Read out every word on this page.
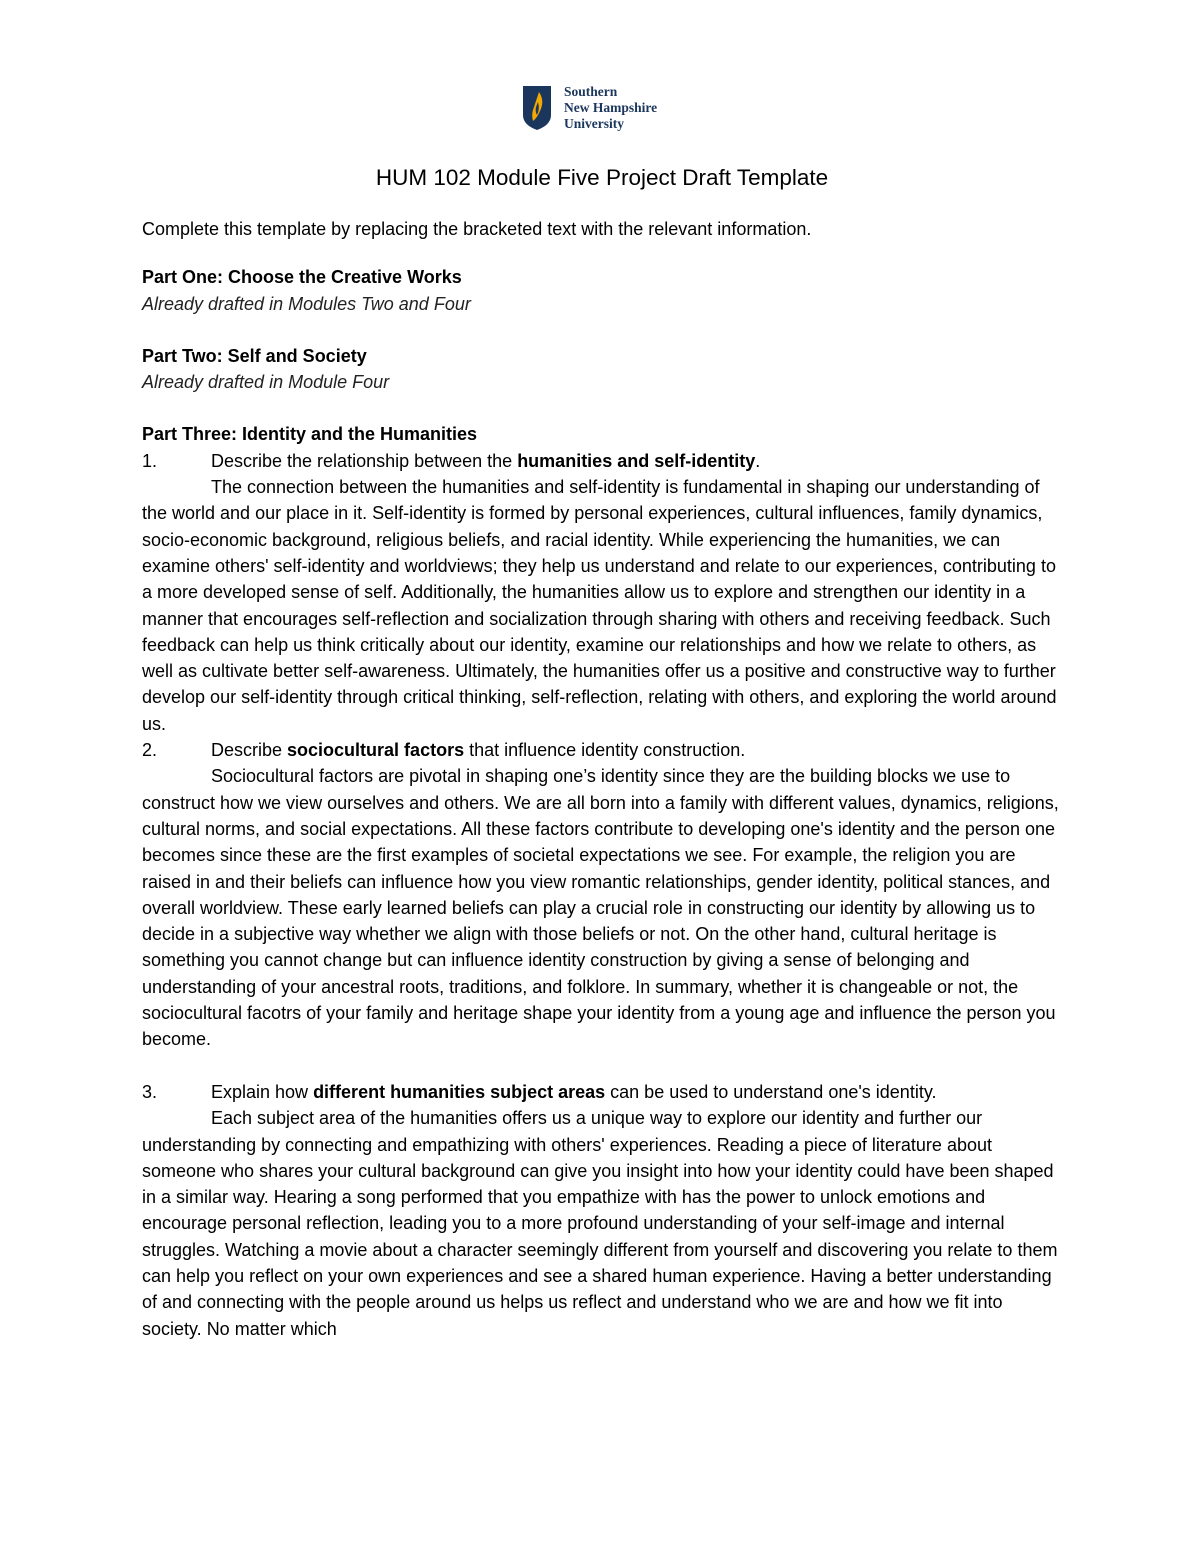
Southern
New Hampshire
University
HUM 102 Module Five Project Draft Template

Complete this template by replacing the bracketed text with the relevant information.

Part One: Choose the Creative Works

Already drafted in Modules Two and Four

Part Two: Self and Society

Already drafted in Module Four

Part Three: Identity and the Humanities

1.	Describe the relationship between the humanities and self-identity.

The connection between the humanities and self-identity is fundamental in shaping our understanding of the world and our place in it. Self-identity is formed by personal experiences, cultural influences, family dynamics, socio-economic background, religious beliefs, and racial identity. While experiencing the humanities, we can examine others' self-identity and worldviews; they help us understand and relate to our experiences, contributing to a more developed sense of self. Additionally, the humanities allow us to explore and strengthen our identity in a manner that encourages self-reflection and socialization through sharing with others and receiving feedback. Such feedback can help us think critically about our identity, examine our relationships and how we relate to others, as well as cultivate better self-awareness. Ultimately, the humanities offer us a positive and constructive way to further develop our self-identity through critical thinking, self-reflection, relating with others, and exploring the world around us.

2.	Describe sociocultural factors that influence identity construction.

Sociocultural factors are pivotal in shaping one’s identity since they are the building blocks we use to construct how we view ourselves and others. We are all born into a family with different values, dynamics, religions, cultural norms, and social expectations. All these factors contribute to developing one's identity and the person one becomes since these are the first examples of societal expectations we see. For example, the religion you are raised in and their beliefs can influence how you view romantic relationships, gender identity, political stances, and overall worldview. These early learned beliefs can play a crucial role in constructing our identity by allowing us to decide in a subjective way whether we align with those beliefs or not. On the other hand, cultural heritage is something you cannot change but can influence identity construction by giving a sense of belonging and understanding of your ancestral roots, traditions, and folklore. In summary, whether it is changeable or not, the sociocultural facotrs of your family and heritage shape your identity from a young age and influence the person you become.

3.	Explain how different humanities subject areas can be used to understand one's identity.

Each subject area of the humanities offers us a unique way to explore our identity and further our understanding by connecting and empathizing with others' experiences. Reading a piece of literature about someone who shares your cultural background can give you insight into how your identity could have been shaped in a similar way. Hearing a song performed that you empathize with has the power to unlock emotions and encourage personal reflection, leading you to a more profound understanding of your self-image and internal struggles. Watching a movie about a character seemingly different from yourself and discovering you relate to them can help you reflect on your own experiences and see a shared human experience. Having a better understanding of and connecting with the people around us helps us reflect and understand who we are and how we fit into society. No matter which
